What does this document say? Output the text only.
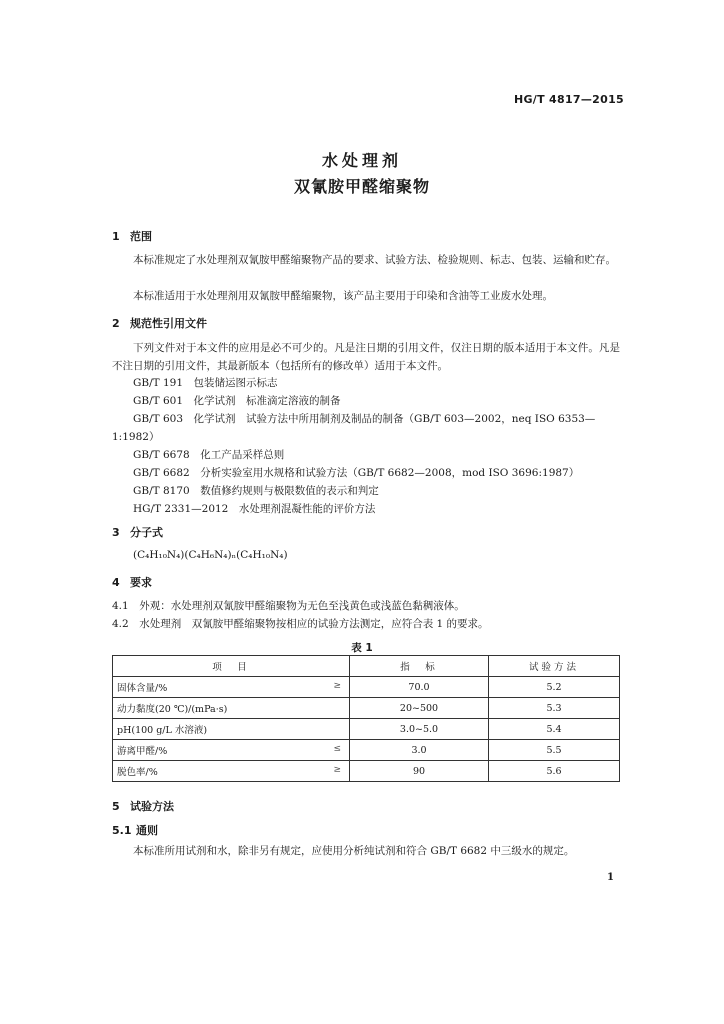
HG/T 4817—2015
水处理剂
双氰胺甲醛缩聚物
1 范围
本标准规定了水处理剂双氰胺甲醛缩聚物产品的要求、试验方法、检验规则、标志、包装、运输和贮存。
本标准适用于水处理剂用双氰胺甲醛缩聚物，该产品主要用于印染和含油等工业废水处理。
2 规范性引用文件
下列文件对于本文件的应用是必不可少的。凡是注日期的引用文件，仅注日期的版本适用于本文件。凡是不注日期的引用文件，其最新版本（包括所有的修改单）适用于本文件。
GB/T 191　包装储运图示标志
GB/T 601　化学试剂　标准滴定溶液的制备
GB/T 603　化学试剂　试验方法中所用制剂及制品的制备（GB/T 603—2002，neq ISO 6353—
1:1982）
GB/T 6678　化工产品采样总则
GB/T 6682　分析实验室用水规格和试验方法（GB/T 6682—2008，mod ISO 3696:1987）
GB/T 8170　数值修约规则与极限数值的表示和判定
HG/T 2331—2012　水处理剂混凝性能的评价方法
3 分子式
(C₄H₁₀N₄)(C₄H₆N₄)ₙ(C₄H₁₀N₄)
4 要求
4.1　外观：水处理剂双氰胺甲醛缩聚物为无色至浅黄色或浅蓝色黏稠液体。
4.2　水处理剂　双氰胺甲醛缩聚物按相应的试验方法测定，应符合表 1 的要求。
表 1
项　目	指　标	试验方法
固体含量/% ≥	70.0	5.2
动力黏度(20 ℃)/(mPa·s)	20~500	5.3
pH(100 g/L 水溶液)	3.0~5.0	5.4
游离甲醛/% ≤	3.0	5.5
脱色率/% ≥	90	5.6
5 试验方法
5.1 通则
本标准所用试剂和水，除非另有规定，应使用分析纯试剂和符合 GB/T 6682 中三级水的规定。
1
